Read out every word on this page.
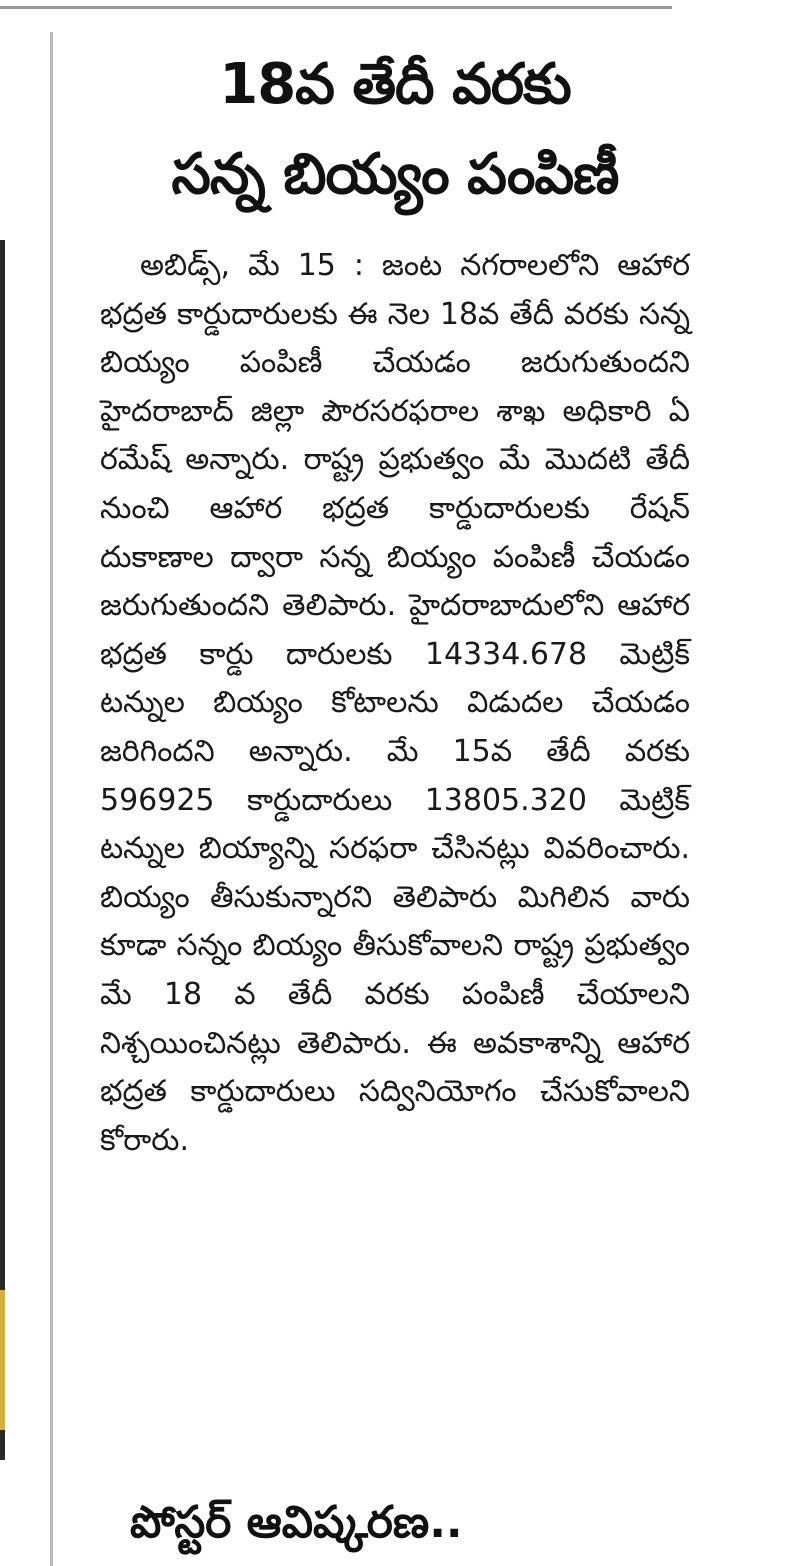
18వ తేదీ వరకు
సన్న బియ్యం పంపిణీ

అబిడ్స్, మే 15 : జంట నగరాలలోని ఆహార భద్రత కార్డుదారులకు ఈ నెల 18వ తేదీ వరకు సన్న బియ్యం పంపిణీ చేయడం జరుగుతుందని హైదరాబాద్ జిల్లా పౌరసరఫరాల శాఖ అధికారి ఏ రమేష్ అన్నారు. రాష్ట్ర ప్రభుత్వం మే మొదటి తేదీ నుంచి ఆహార భద్రత కార్డుదారులకు రేషన్ దుకాణాల ద్వారా సన్న బియ్యం పంపిణీ చేయడం జరుగుతుందని తెలిపారు. హైదరాబాదులోని ఆహార భద్రత కార్డు దారులకు 14334.678 మెట్రిక్ టన్నుల బియ్యం కోటాలను విడుదల చేయడం జరిగిందని అన్నారు. మే 15వ తేదీ వరకు 596925 కార్డుదారులు 13805.320 మెట్రిక్ టన్నుల బియ్యాన్ని సరఫరా చేసినట్లు వివరించారు. బియ్యం తీసుకున్నారని తెలిపారు మిగిలిన వారు కూడా సన్నం బియ్యం తీసుకోవాలని రాష్ట్ర ప్రభుత్వం మే 18 వ తేదీ వరకు పంపిణీ చేయాలని నిశ్చయించినట్లు తెలిపారు. ఈ అవకాశాన్ని ఆహార భద్రత కార్డుదారులు సద్వినియోగం చేసుకోవాలని కోరారు.

పోస్టర్ ఆవిష్కరణ..
